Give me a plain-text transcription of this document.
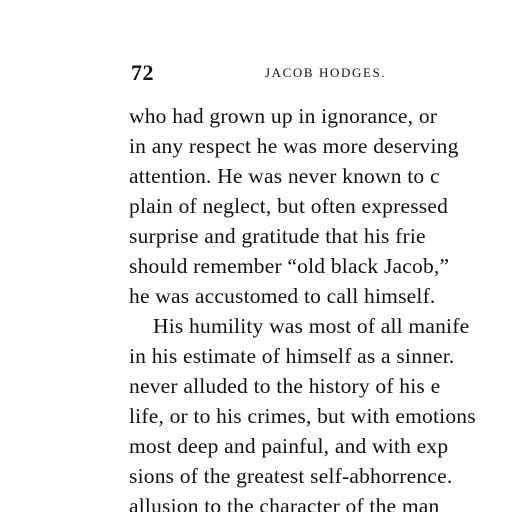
72	JACOB HODGES.
who had grown up in ignorance, or
in any respect he was more deserving
attention. He was never known to c
plain of neglect, but often expressed
surprise and gratitude that his frie
should remember “old black Jacob,”
he was accustomed to call himself.
His humility was most of all manife
in his estimate of himself as a sinner.
never alluded to the history of his e
life, or to his crimes, but with emotions
most deep and painful, and with exp
sions of the greatest self-abhorrence.
allusion to the character of the man
